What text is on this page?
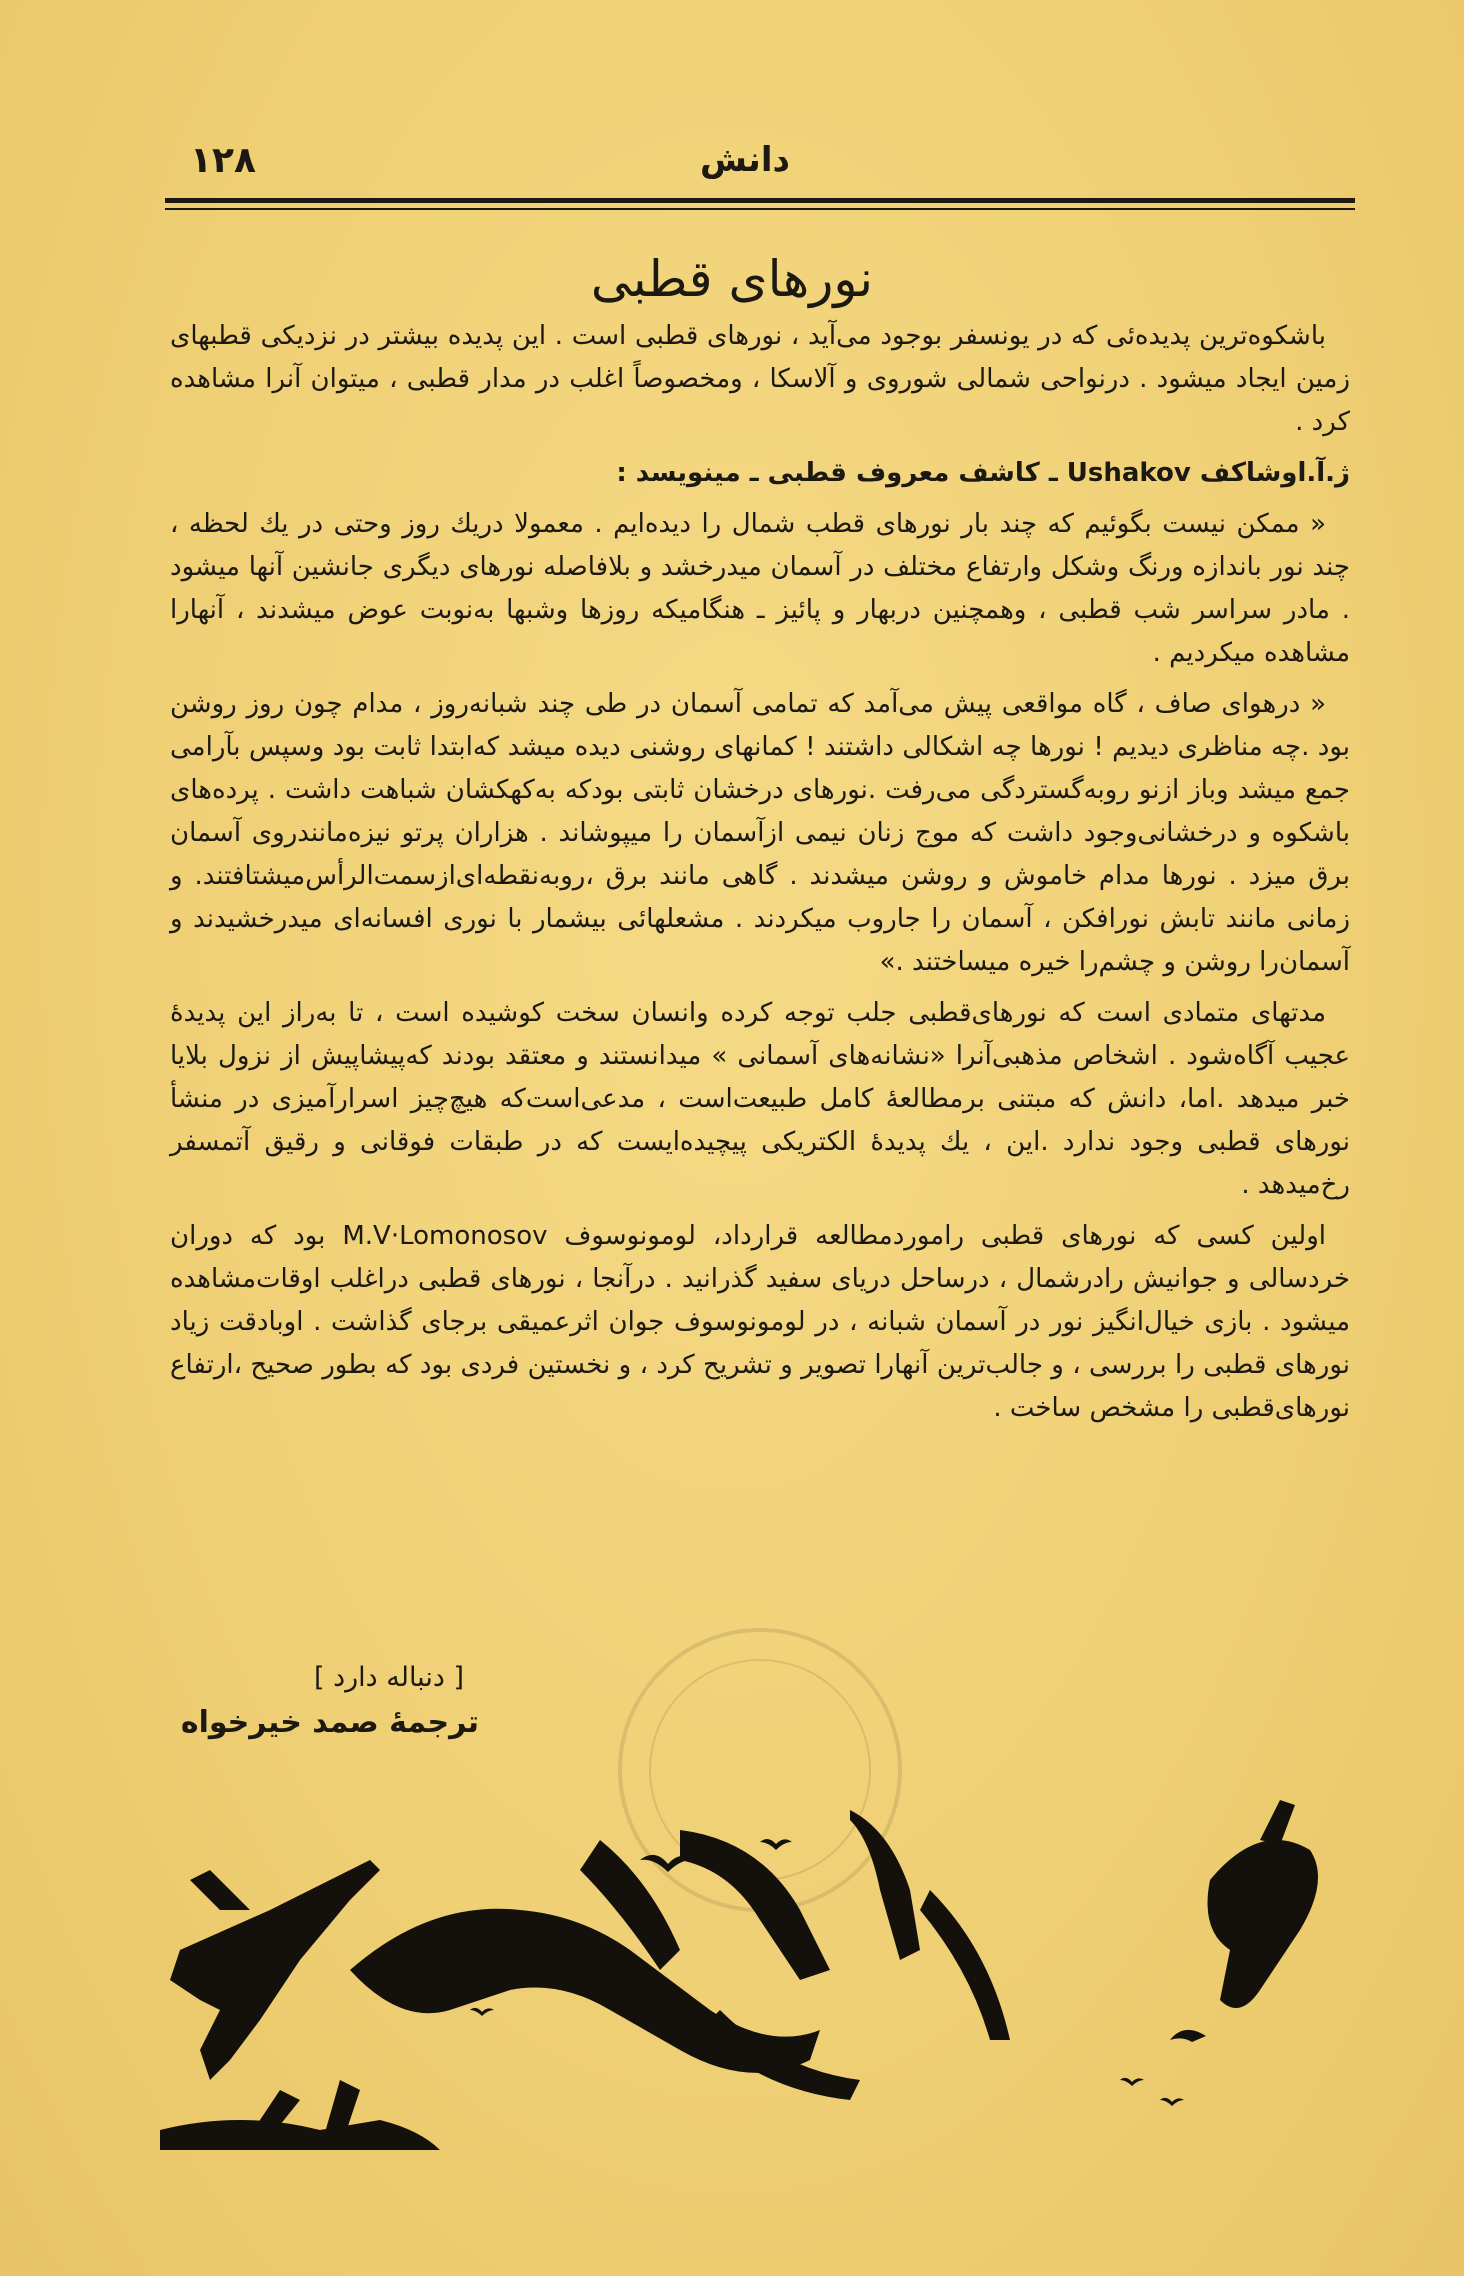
۱۲۸	دانش
نورهای قطبی

باشکوه‌ترین پدیده‌ئی که در یونسفر بوجود می‌آید ، نورهای قطبی است . این پدیده بیشتر در نزدیکی قطبهای زمین ایجاد میشود . درنواحی شمالی شوروی و آلاسکا ، ومخصوصاً اغلب در مدار قطبی ، میتوان آنرا مشاهده کرد .

ژ.آ.اوشاکف Ushakov ـ کاشف معروف قطبی ـ مینویسد :

« ممکن نیست بگوئیم که چند بار نورهای قطب شمال را دیده‌ایم . معمولا دریك روز وحتی در یك لحظه ، چند نور باندازه ورنگ وشکل وارتفاع مختلف در آسمان میدرخشد و بلافاصله نورهای دیگری جانشین آنها میشود . مادر سراسر شب قطبی ، وهمچنین دربهار و پائیز ـ هنگامیکه روزها وشبها به‌نوبت عوض میشدند ، آنهارا مشاهده میکردیم .

« درهوای صاف ، گاه مواقعی پیش می‌آمد که تمامی آسمان در طی چند شبانه‌روز ، مدام چون روز روشن بود .چه مناظری دیدیم ! نورها چه اشکالی داشتند ! کمانهای روشنی دیده میشد که‌ابتدا ثابت بود وسپس بآرامی جمع میشد وباز ازنو روبه‌گستردگی می‌رفت .نورهای درخشان ثابتی بودکه به‌کهکشان شباهت داشت . پرده‌های باشکوه و درخشانی‌وجود داشت که موج زنان نیمی ازآسمان را میپوشاند . هزاران پرتو نیزه‌مانندروی آسمان برق میزد . نورها مدام خاموش و روشن میشدند . گاهی مانند برق ،روبه‌نقطه‌ای‌ازسمت‌الرأس‌میشتافتند. و زمانی مانند تابش نورافکن ، آسمان را جاروب میکردند . مشعلهائی بیشمار با نوری افسانه‌ای میدرخشیدند و آسمان‌را روشن و چشم‌را خیره میساختند .»

مدتهای متمادی است که نورهای‌قطبی جلب توجه کرده وانسان سخت کوشیده است ، تا به‌راز این پدیدهٔ عجیب آگاه‌شود . اشخاص مذهبی‌آنرا «نشانه‌های آسمانی » میدانستند و معتقد بودند که‌پیشاپیش از نزول بلایا خبر میدهد .اما، دانش که مبتنی برمطالعهٔ کامل طبیعت‌است ، مدعی‌است‌که هیچ‌چیز اسرارآمیزی در منشأ نورهای قطبی وجود ندارد .این ، یك پدیدهٔ الکتریکی پیچیده‌ایست که در طبقات فوقانی و رقیق آتمسفر رخ‌میدهد .

اولین کسی که نورهای قطبی راموردمطالعه قرارداد، لومونوسوف M.V·Lomonosov بود که دوران خردسالی و جوانیش رادرشمال ، درساحل دریای سفید گذرانید . درآنجا ، نورهای قطبی دراغلب اوقات‌مشاهده میشود . بازی خیال‌انگیز نور در آسمان شبانه ، در لومونوسوف جوان اثرعمیقی برجای گذاشت . اوبادقت زیاد نورهای قطبی را بررسی ، و جالب‌ترین آنهارا تصویر و تشریح کرد ، و نخستین فردی بود که بطور صحیح ،ارتفاع نورهای‌قطبی را مشخص ساخت .

[ دنباله دارد ]
ترجمهٔ صمد خیرخواه
